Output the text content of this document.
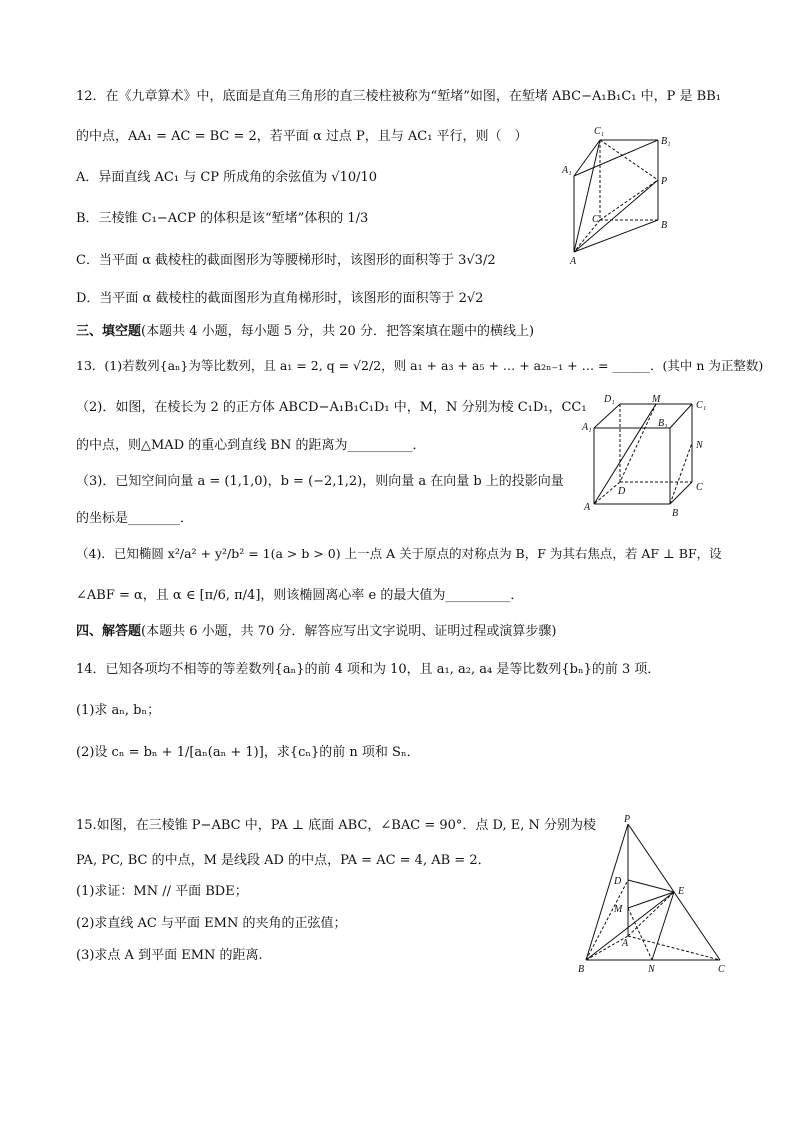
12．在《九章算术》中，底面是直角三角形的直三棱柱被称为“堑堵”如图，在堑堵 ABC−A₁B₁C₁ 中，P 是 BB₁
的中点，AA₁ = AC = BC = 2，若平面 α 过点 P，且与 AC₁ 平行，则（　）
A．异面直线 AC₁ 与 CP 所成角的余弦值为 √10/10
B．三棱锥 C₁−ACP 的体积是该“堑堵”体积的 1/3
C．当平面 α 截棱柱的截面图形为等腰梯形时，该图形的面积等于 3√3/2
D．当平面 α 截棱柱的截面图形为直角梯形时，该图形的面积等于 2√2
C₁
B₁
A₁
P
C
B
A
三、填空题(本题共 4 小题，每小题 5 分，共 20 分．把答案填在题中的横线上)
13．(1)若数列{aₙ}为等比数列，且 a₁ = 2, q = √2/2，则 a₁ + a₃ + a₅ + … + a₂ₙ₋₁ + … = ______．(其中 n 为正整数)
（2)．如图，在棱长为 2 的正方体 ABCD−A₁B₁C₁D₁ 中，M，N 分别为棱 C₁D₁，CC₁
的中点，则△MAD 的重心到直线 BN 的距离为__________．
（3)．已知空间向量 a = (1,1,0)，b = (−2,1,2)，则向量 a 在向量 b 上的投影向量
的坐标是________．
D₁	M
C₁
A₁	B₁
N
D	C
A
B
（4)．已知椭圆 x²/a² + y²/b² = 1(a > b > 0) 上一点 A 关于原点的对称点为 B，F 为其右焦点，若 AF ⊥ BF，设
∠ABF = α，且 α ∈ [π/6, π/4]，则该椭圆离心率 e 的最大值为__________．
四、解答题(本题共 6 小题，共 70 分．解答应写出文字说明、证明过程或演算步骤)
14．已知各项均不相等的等差数列{aₙ}的前 4 项和为 10，且 a₁, a₂, a₄ 是等比数列{bₙ}的前 3 项．
(1)求 aₙ, bₙ；
(2)设 cₙ = bₙ + 1/[aₙ(aₙ + 1)]，求{cₙ}的前 n 项和 Sₙ．
15.如图，在三棱锥 P−ABC 中，PA ⊥ 底面 ABC，∠BAC = 90°．点 D, E, N 分别为棱
PA, PC, BC 的中点，M 是线段 AD 的中点，PA = AC = 4, AB = 2．
(1)求证：MN // 平面 BDE；
(2)求直线 AC 与平面 EMN 的夹角的正弦值；
(3)求点 A 到平面 EMN 的距离.
P
D
E
M
A
B	N	C
